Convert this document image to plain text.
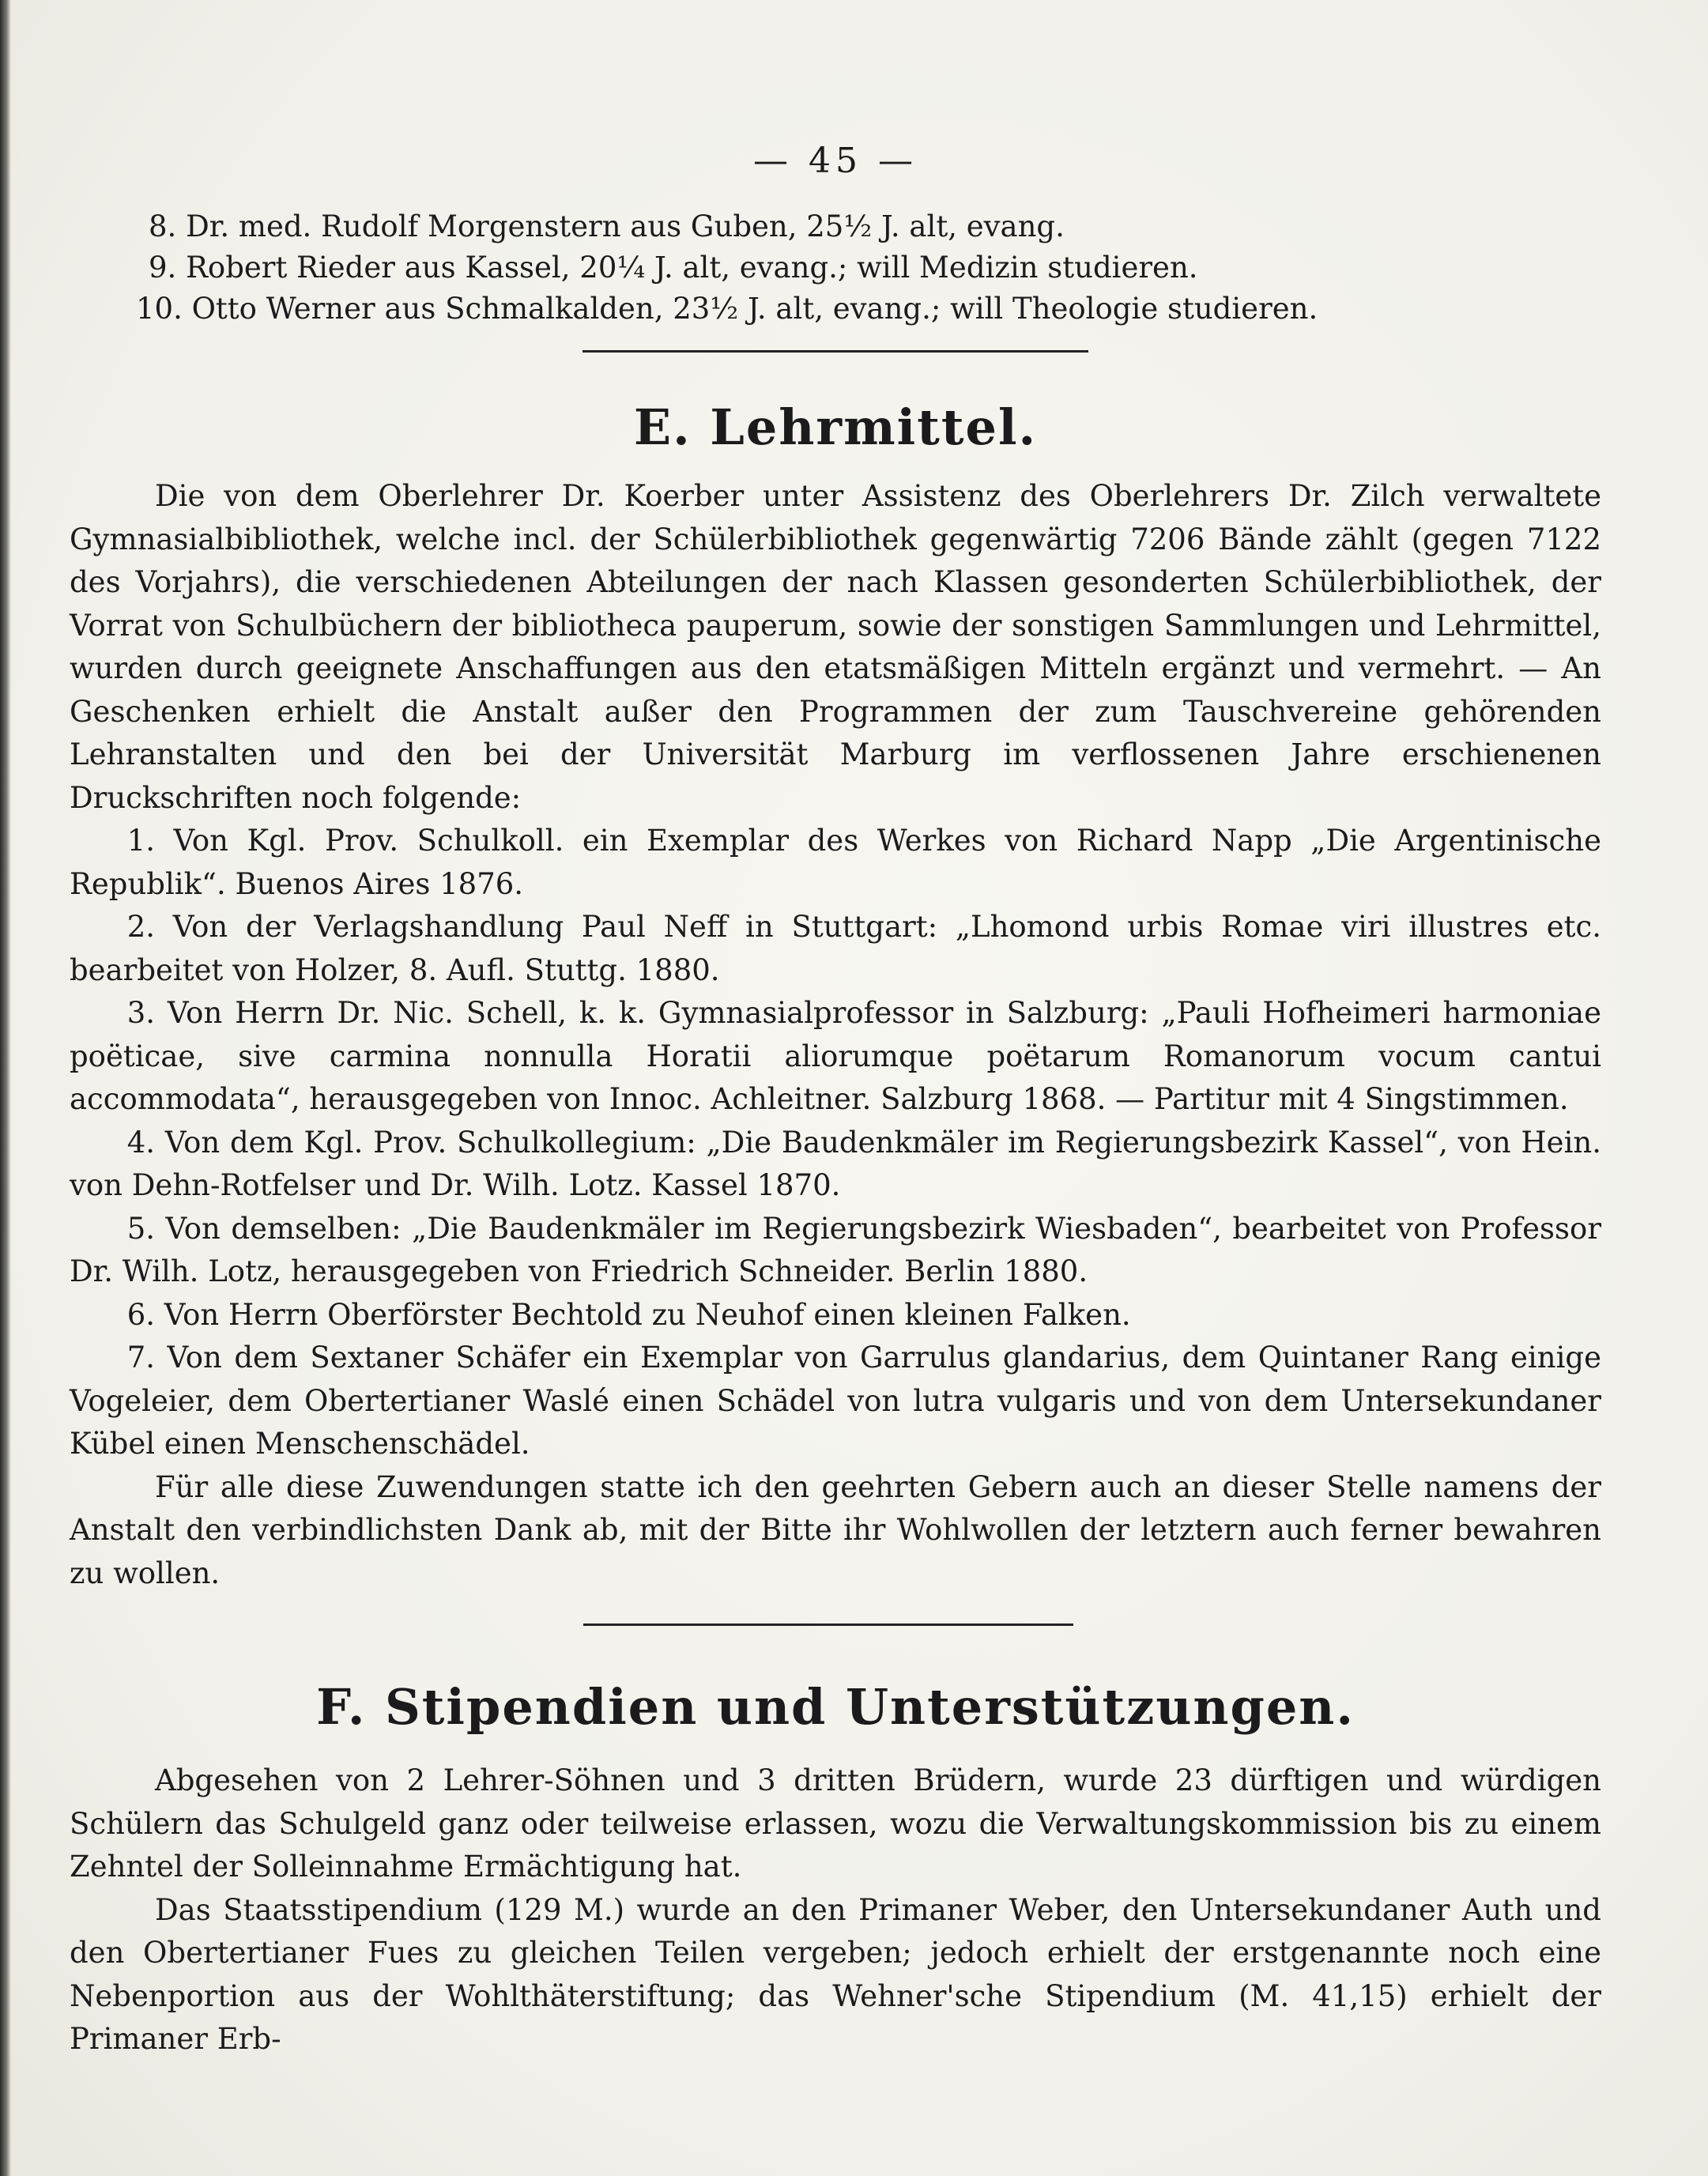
— 45 —
8. Dr. med. Rudolf Morgenstern aus Guben, 25½ J. alt, evang.
9. Robert Rieder aus Kassel, 20¼ J. alt, evang.; will Medizin studieren.
10. Otto Werner aus Schmalkalden, 23½ J. alt, evang.; will Theologie studieren.
E. Lehrmittel.

Die von dem Oberlehrer Dr. Koerber unter Assistenz des Oberlehrers Dr. Zilch verwaltete Gymnasialbibliothek, welche incl. der Schülerbibliothek gegenwärtig 7206 Bände zählt (gegen 7122 des Vorjahrs), die verschiedenen Abteilungen der nach Klassen gesonderten Schülerbibliothek, der Vorrat von Schulbüchern der bibliotheca pauperum, sowie der sonstigen Sammlungen und Lehrmittel, wurden durch geeignete Anschaffungen aus den etatsmäßigen Mitteln ergänzt und vermehrt. — An Geschenken erhielt die Anstalt außer den Programmen der zum Tauschvereine gehörenden Lehranstalten und den bei der Universität Marburg im verflossenen Jahre erschienenen Druckschriften noch folgende:

1. Von Kgl. Prov. Schulkoll. ein Exemplar des Werkes von Richard Napp „Die Argentinische Republik“. Buenos Aires 1876.

2. Von der Verlagshandlung Paul Neff in Stuttgart: „Lhomond urbis Romae viri illustres etc. bearbeitet von Holzer, 8. Aufl. Stuttg. 1880.

3. Von Herrn Dr. Nic. Schell, k. k. Gymnasialprofessor in Salzburg: „Pauli Hofheimeri harmoniae poëticae, sive carmina nonnulla Horatii aliorumque poëtarum Romanorum vocum cantui accommodata“, herausgegeben von Innoc. Achleitner. Salzburg 1868. — Partitur mit 4 Singstimmen.

4. Von dem Kgl. Prov. Schulkollegium: „Die Baudenkmäler im Regierungsbezirk Kassel“, von Hein. von Dehn-Rotfelser und Dr. Wilh. Lotz. Kassel 1870.

5. Von demselben: „Die Baudenkmäler im Regierungsbezirk Wiesbaden“, bearbeitet von Professor Dr. Wilh. Lotz, herausgegeben von Friedrich Schneider. Berlin 1880.

6. Von Herrn Oberförster Bechtold zu Neuhof einen kleinen Falken.

7. Von dem Sextaner Schäfer ein Exemplar von Garrulus glandarius, dem Quintaner Rang einige Vogeleier, dem Obertertianer Waslé einen Schädel von lutra vulgaris und von dem Untersekundaner Kübel einen Menschenschädel.

Für alle diese Zuwendungen statte ich den geehrten Gebern auch an dieser Stelle namens der Anstalt den verbindlichsten Dank ab, mit der Bitte ihr Wohlwollen der letztern auch ferner bewahren zu wollen.

F. Stipendien und Unterstützungen.

Abgesehen von 2 Lehrer-Söhnen und 3 dritten Brüdern, wurde 23 dürftigen und würdigen Schülern das Schulgeld ganz oder teilweise erlassen, wozu die Verwaltungskommission bis zu einem Zehntel der Solleinnahme Ermächtigung hat.

Das Staatsstipendium (129 M.) wurde an den Primaner Weber, den Untersekundaner Auth und den Obertertianer Fues zu gleichen Teilen vergeben; jedoch erhielt der erstgenannte noch eine Nebenportion aus der Wohlthäterstiftung; das Wehner'sche Stipendium (M. 41,15) erhielt der Primaner Erb-
